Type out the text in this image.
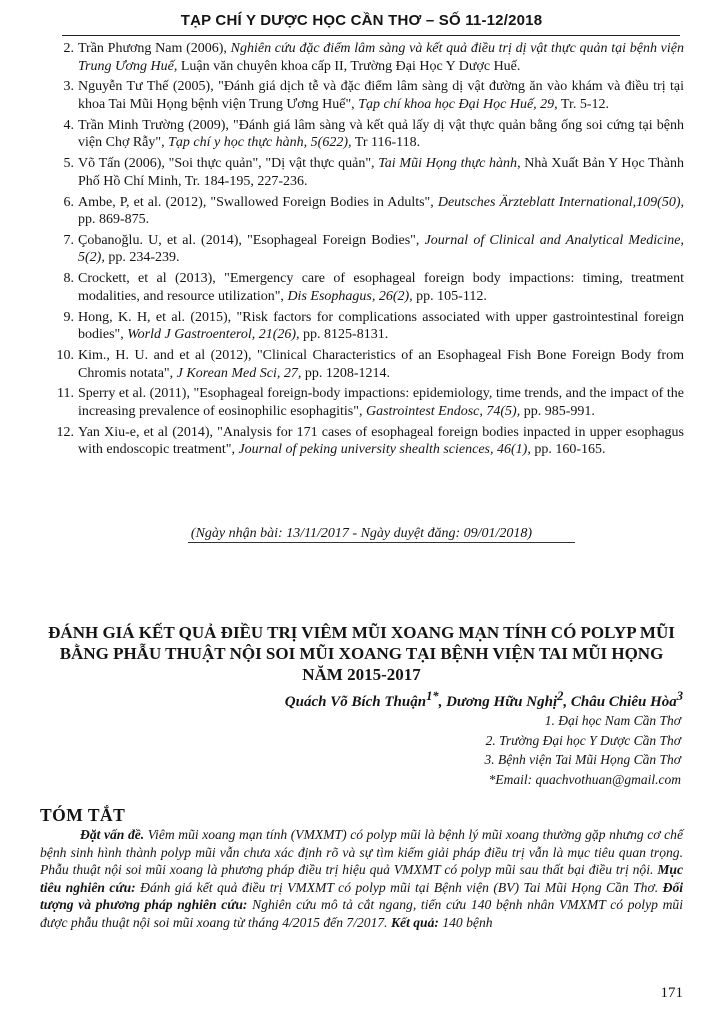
TẠP CHÍ Y DƯỢC HỌC CẦN THƠ – SỐ 11-12/2018
2. Trần Phương Nam (2006), Nghiên cứu đặc điểm lâm sàng và kết quả điều trị dị vật thực quản tại bệnh viện Trung Ương Huế, Luận văn chuyên khoa cấp II, Trường Đại Học Y Dược Huế.
3. Nguyễn Tư Thế (2005), "Đánh giá dịch tễ và đặc điểm lâm sàng dị vật đường ăn vào khám và điều trị tại khoa Tai Mũi Họng bệnh viện Trung Ương Huế", Tạp chí khoa học Đại Học Huế, 29, Tr. 5-12.
4. Trần Minh Trường (2009), "Đánh giá lâm sàng và kết quả lấy dị vật thực quản bằng ống soi cứng tại bệnh viện Chợ Rẫy", Tạp chí y học thực hành, 5(622), Tr 116-118.
5. Võ Tấn (2006), "Soi thực quản", "Dị vật thực quản", Tai Mũi Họng thực hành, Nhà Xuất Bản Y Học Thành Phố Hồ Chí Minh, Tr. 184-195, 227-236.
6. Ambe, P, et al. (2012), "Swallowed Foreign Bodies in Adults", Deutsches Ärzteblatt International,109(50), pp. 869-875.
7. Çobanoğlu. U, et al. (2014), "Esophageal Foreign Bodies", Journal of Clinical and Analytical Medicine, 5(2), pp. 234-239.
8. Crockett, et al (2013), "Emergency care of esophageal foreign body impactions: timing, treatment modalities, and resource utilization", Dis Esophagus, 26(2), pp. 105-112.
9. Hong, K. H, et al. (2015), "Risk factors for complications associated with upper gastrointestinal foreign bodies", World J Gastroenterol, 21(26), pp. 8125-8131.
10. Kim., H. U. and et al (2012), "Clinical Characteristics of an Esophageal Fish Bone Foreign Body from Chromis notata", J Korean Med Sci, 27, pp. 1208-1214.
11. Sperry et al. (2011), "Esophageal foreign-body impactions: epidemiology, time trends, and the impact of the increasing prevalence of eosinophilic esophagitis", Gastrointest Endosc, 74(5), pp. 985-991.
12. Yan Xiu-e, et al (2014), "Analysis for 171 cases of esophageal foreign bodies inpacted in upper esophagus with endoscopic treatment", Journal of peking university shealth sciences, 46(1), pp. 160-165.
(Ngày nhận bài: 13/11/2017 - Ngày duyệt đăng: 09/01/2018)
ĐÁNH GIÁ KẾT QUẢ ĐIỀU TRỊ VIÊM MŨI XOANG MẠN TÍNH CÓ POLYP MŨI BẰNG PHẪU THUẬT NỘI SOI MŨI XOANG TẠI BỆNH VIỆN TAI MŨI HỌNG NĂM 2015-2017
Quách Võ Bích Thuận$^{1*}$, Dương Hữu Nghị$^2$, Châu Chiêu Hòa$^3$
1. Đại học Nam Cần Thơ
2. Trường Đại học Y Dược Cần Thơ
3. Bệnh viện Tai Mũi Họng Cần Thơ
*Email: quachvothuan@gmail.com
TÓM TẮT
Đặt vấn đề. Viêm mũi xoang mạn tính (VMXMT) có polyp mũi là bệnh lý mũi xoang thường gặp nhưng cơ chế bệnh sinh hình thành polyp mũi vẫn chưa xác định rõ và sự tìm kiếm giải pháp điều trị vẫn là mục tiêu quan trọng. Phẫu thuật nội soi mũi xoang là phương pháp điều trị hiệu quả VMXMT có polyp mũi sau thất bại điều trị nội. Mục tiêu nghiên cứu: Đánh giá kết quả điều trị VMXMT có polyp mũi tại Bệnh viện (BV) Tai Mũi Họng Cần Thơ. Đối tượng và phương pháp nghiên cứu: Nghiên cứu mô tả cắt ngang, tiến cứu 140 bệnh nhân VMXMT có polyp mũi được phẫu thuật nội soi mũi xoang từ tháng 4/2015 đến 7/2017. Kết quả: 140 bệnh
171
